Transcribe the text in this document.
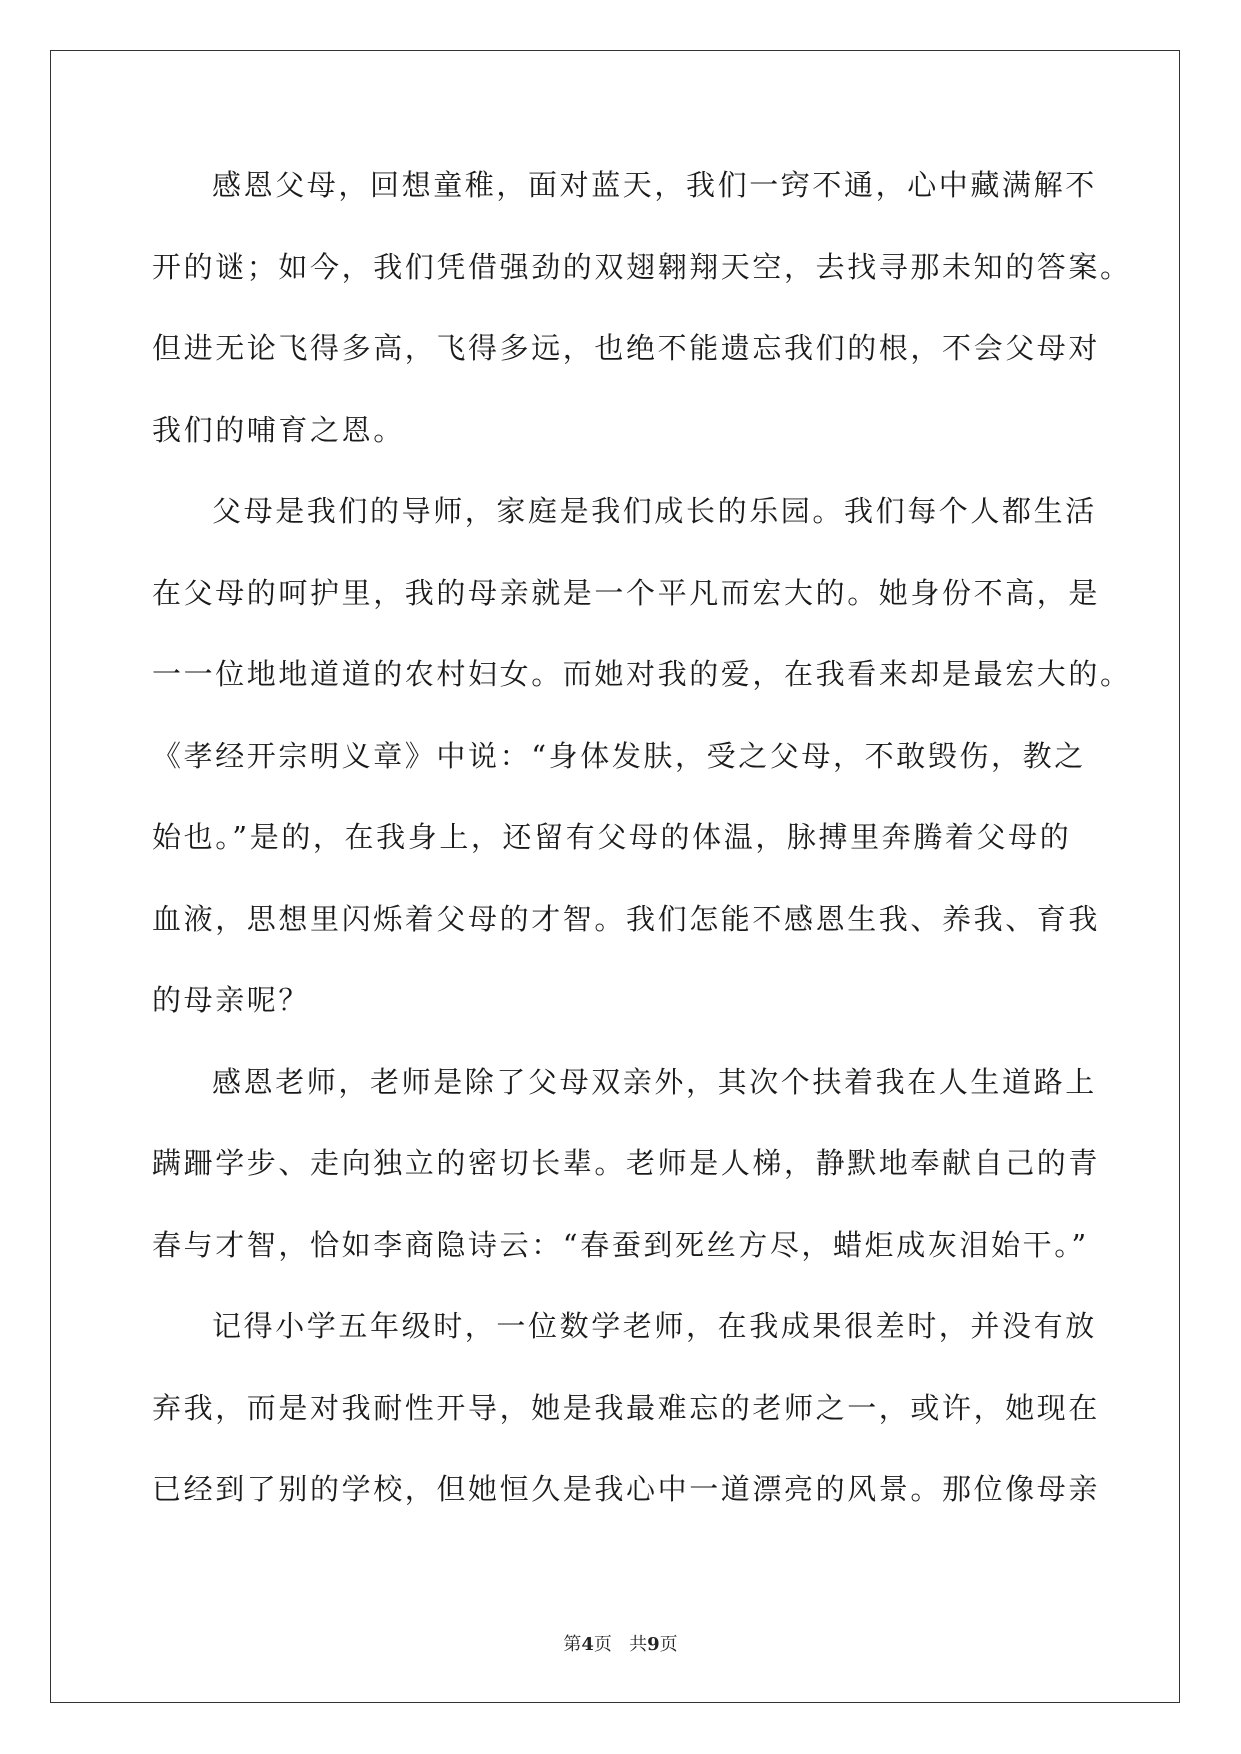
感恩父母，回想童稚，面对蓝天，我们一窍不通，心中藏满解不
开的谜；如今，我们凭借强劲的双翅翱翔天空，去找寻那未知的答案。
但进无论飞得多高，飞得多远，也绝不能遗忘我们的根，不会父母对
我们的哺育之恩。
父母是我们的导师，家庭是我们成长的乐园。我们每个人都生活
在父母的呵护里，我的母亲就是一个平凡而宏大的。她身份不高，是
一一位地地道道的农村妇女。而她对我的爱，在我看来却是最宏大的。
《孝经开宗明义章》中说：“身体发肤，受之父母，不敢毁伤，教之
始也。”是的，在我身上，还留有父母的体温，脉搏里奔腾着父母的
血液，思想里闪烁着父母的才智。我们怎能不感恩生我、养我、育我
的母亲呢？
感恩老师，老师是除了父母双亲外，其次个扶着我在人生道路上
蹒跚学步、走向独立的密切长辈。老师是人梯，静默地奉献自己的青
春与才智，恰如李商隐诗云：“春蚕到死丝方尽，蜡炬成灰泪始干。”
记得小学五年级时，一位数学老师，在我成果很差时，并没有放
弃我，而是对我耐性开导，她是我最难忘的老师之一，或许，她现在
已经到了别的学校，但她恒久是我心中一道漂亮的风景。那位像母亲
第4页 共9页
